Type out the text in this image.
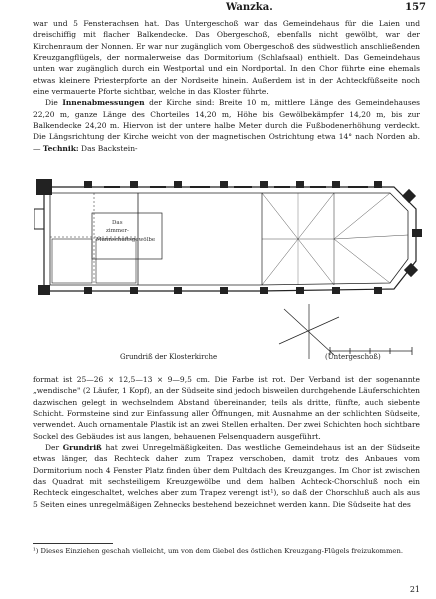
Wanzka.	157

war und 5 Fensterachsen hat. Das Untergeschoß war das Gemeindehaus für die Laien und dreischiffig mit flacher Balkendecke. Das Obergeschoß, ebenfalls nicht gewölbt, war der Kirchenraum der Nonnen. Er war nur zugänglich vom Obergeschoß des südwestlich anschließenden Kreuzgangflügels, der normalerweise das Dormitorium (Schlafsaal) enthielt. Das Gemeindehaus unten war zugänglich durch ein Westportal und ein Nordportal. In den Chor führte eine ehemals etwas kleinere Priesterpforte an der Nordseite hinein. Außerdem ist in der Achteckfüßseite noch eine vermauerte Pforte sichtbar, welche in das Kloster führte.

Die Innenabmessungen der Kirche sind: Breite 10 m, mittlere Länge des Gemeindehauses 22,20 m, ganze Länge des Chorteiles 14,20 m, Höhe bis Gewölbekämpfer 14,20 m, bis zur Balkendecke 24,20 m. Hiervon ist der untere halbe Meter durch die Fußbodenerhöhung verdeckt. Die Längsrichtung der Kirche weicht von der magnetischen Ostrichtung etwa 14° nach Norden ab. — Technik: Das Backstein-

Das
zimmer-
Mannschaftsgewölbe
Grundriß der Klosterkirche	(Untergeschoß)

format ist 25—26 × 12,5—13 × 9—9,5 cm. Die Farbe ist rot. Der Verband ist der sogenannte „wendische" (2 Läufer, 1 Kopf), an der Südseite sind jedoch bisweilen durchgehende Läuferschichten dazwischen gelegt in wechselndem Abstand übereinander, teils als dritte, fünfte, auch siebente Schicht. Formsteine sind zur Einfassung aller Öffnungen, mit Ausnahme an der schlichten Südseite, verwendet. Auch ornamentale Plastik ist an zwei Stellen erhalten. Der zwei Schichten hoch sichtbare Sockel des Gebäudes ist aus langen, behauenen Felsenquadern ausgeführt.

Der Grundriß hat zwei Unregelmäßigkeiten. Das westliche Gemeindehaus ist an der Südseite etwas länger, das Rechteck daher zum Trapez verschoben, damit trotz des Anbaues vom Dormitorium noch 4 Fenster Platz finden über dem Pultdach des Kreuzganges. Im Chor ist zwischen das Quadrat mit sechsteiligem Kreuzgewölbe und dem halben Achteck-Chorschluß noch ein Rechteck eingeschaltet, welches aber zum Trapez verengt ist¹), so daß der Chorschluß auch als aus 5 Seiten eines unregelmäßigen Zehnecks bestehend bezeichnet werden kann. Die Südseite hat des

¹) Dieses Einziehen geschah vielleicht, um von dem Giebel des östlichen Kreuzgang-Flügels freizukommen.
21
